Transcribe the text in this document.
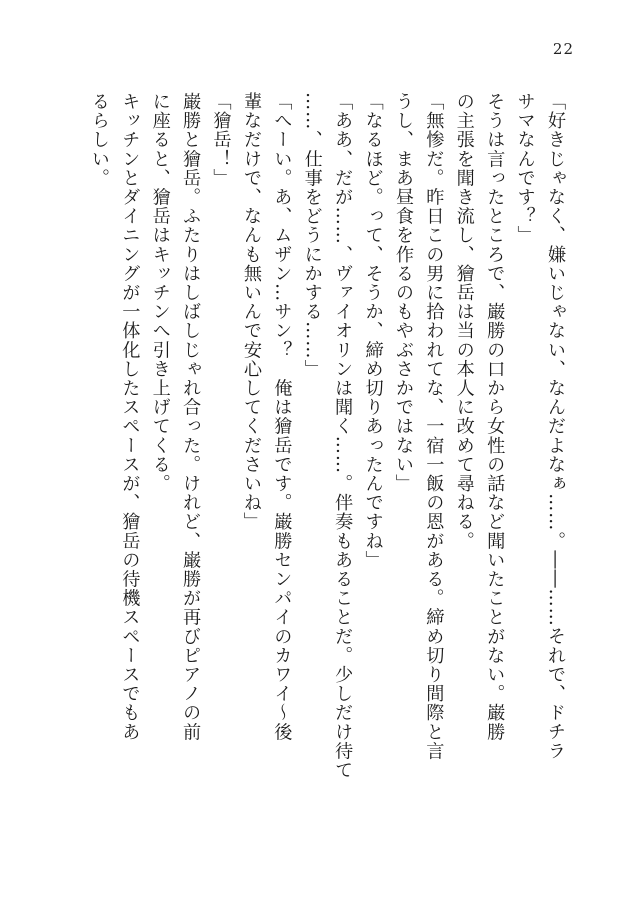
22
「好きじゃなく、嫌いじゃない、なんだよなぁ……。――……それで、ドチラ
サマなんです？」
そうは言ったところで、巌勝の口から女性の話など聞いたことがない。巌勝
の主張を聞き流し、獪岳は当の本人に改めて尋ねる。
「無惨だ。昨日この男に拾われてな、一宿一飯の恩がある。締め切り間際と言
うし、まあ昼食を作るのもやぶさかではない」
「なるほど。って、そうか、締め切りあったんですね」
「ああ、だが……、ヴァイオリンは聞く……。伴奏もあることだ。少しだけ待て
……、仕事をどうにかする……」
「へーい。あ、ムザン…サン？　俺は獪岳です。巌勝センパイのカワイ～後
輩なだけで、なんも無いんで安心してくださいね」
「獪岳！」
巌勝と獪岳。ふたりはしばしじゃれ合った。けれど、巌勝が再びピアノの前
に座ると、獪岳はキッチンへ引き上げてくる。
キッチンとダイニングが一体化したスペースが、獪岳の待機スペースでもあ
るらしい。
